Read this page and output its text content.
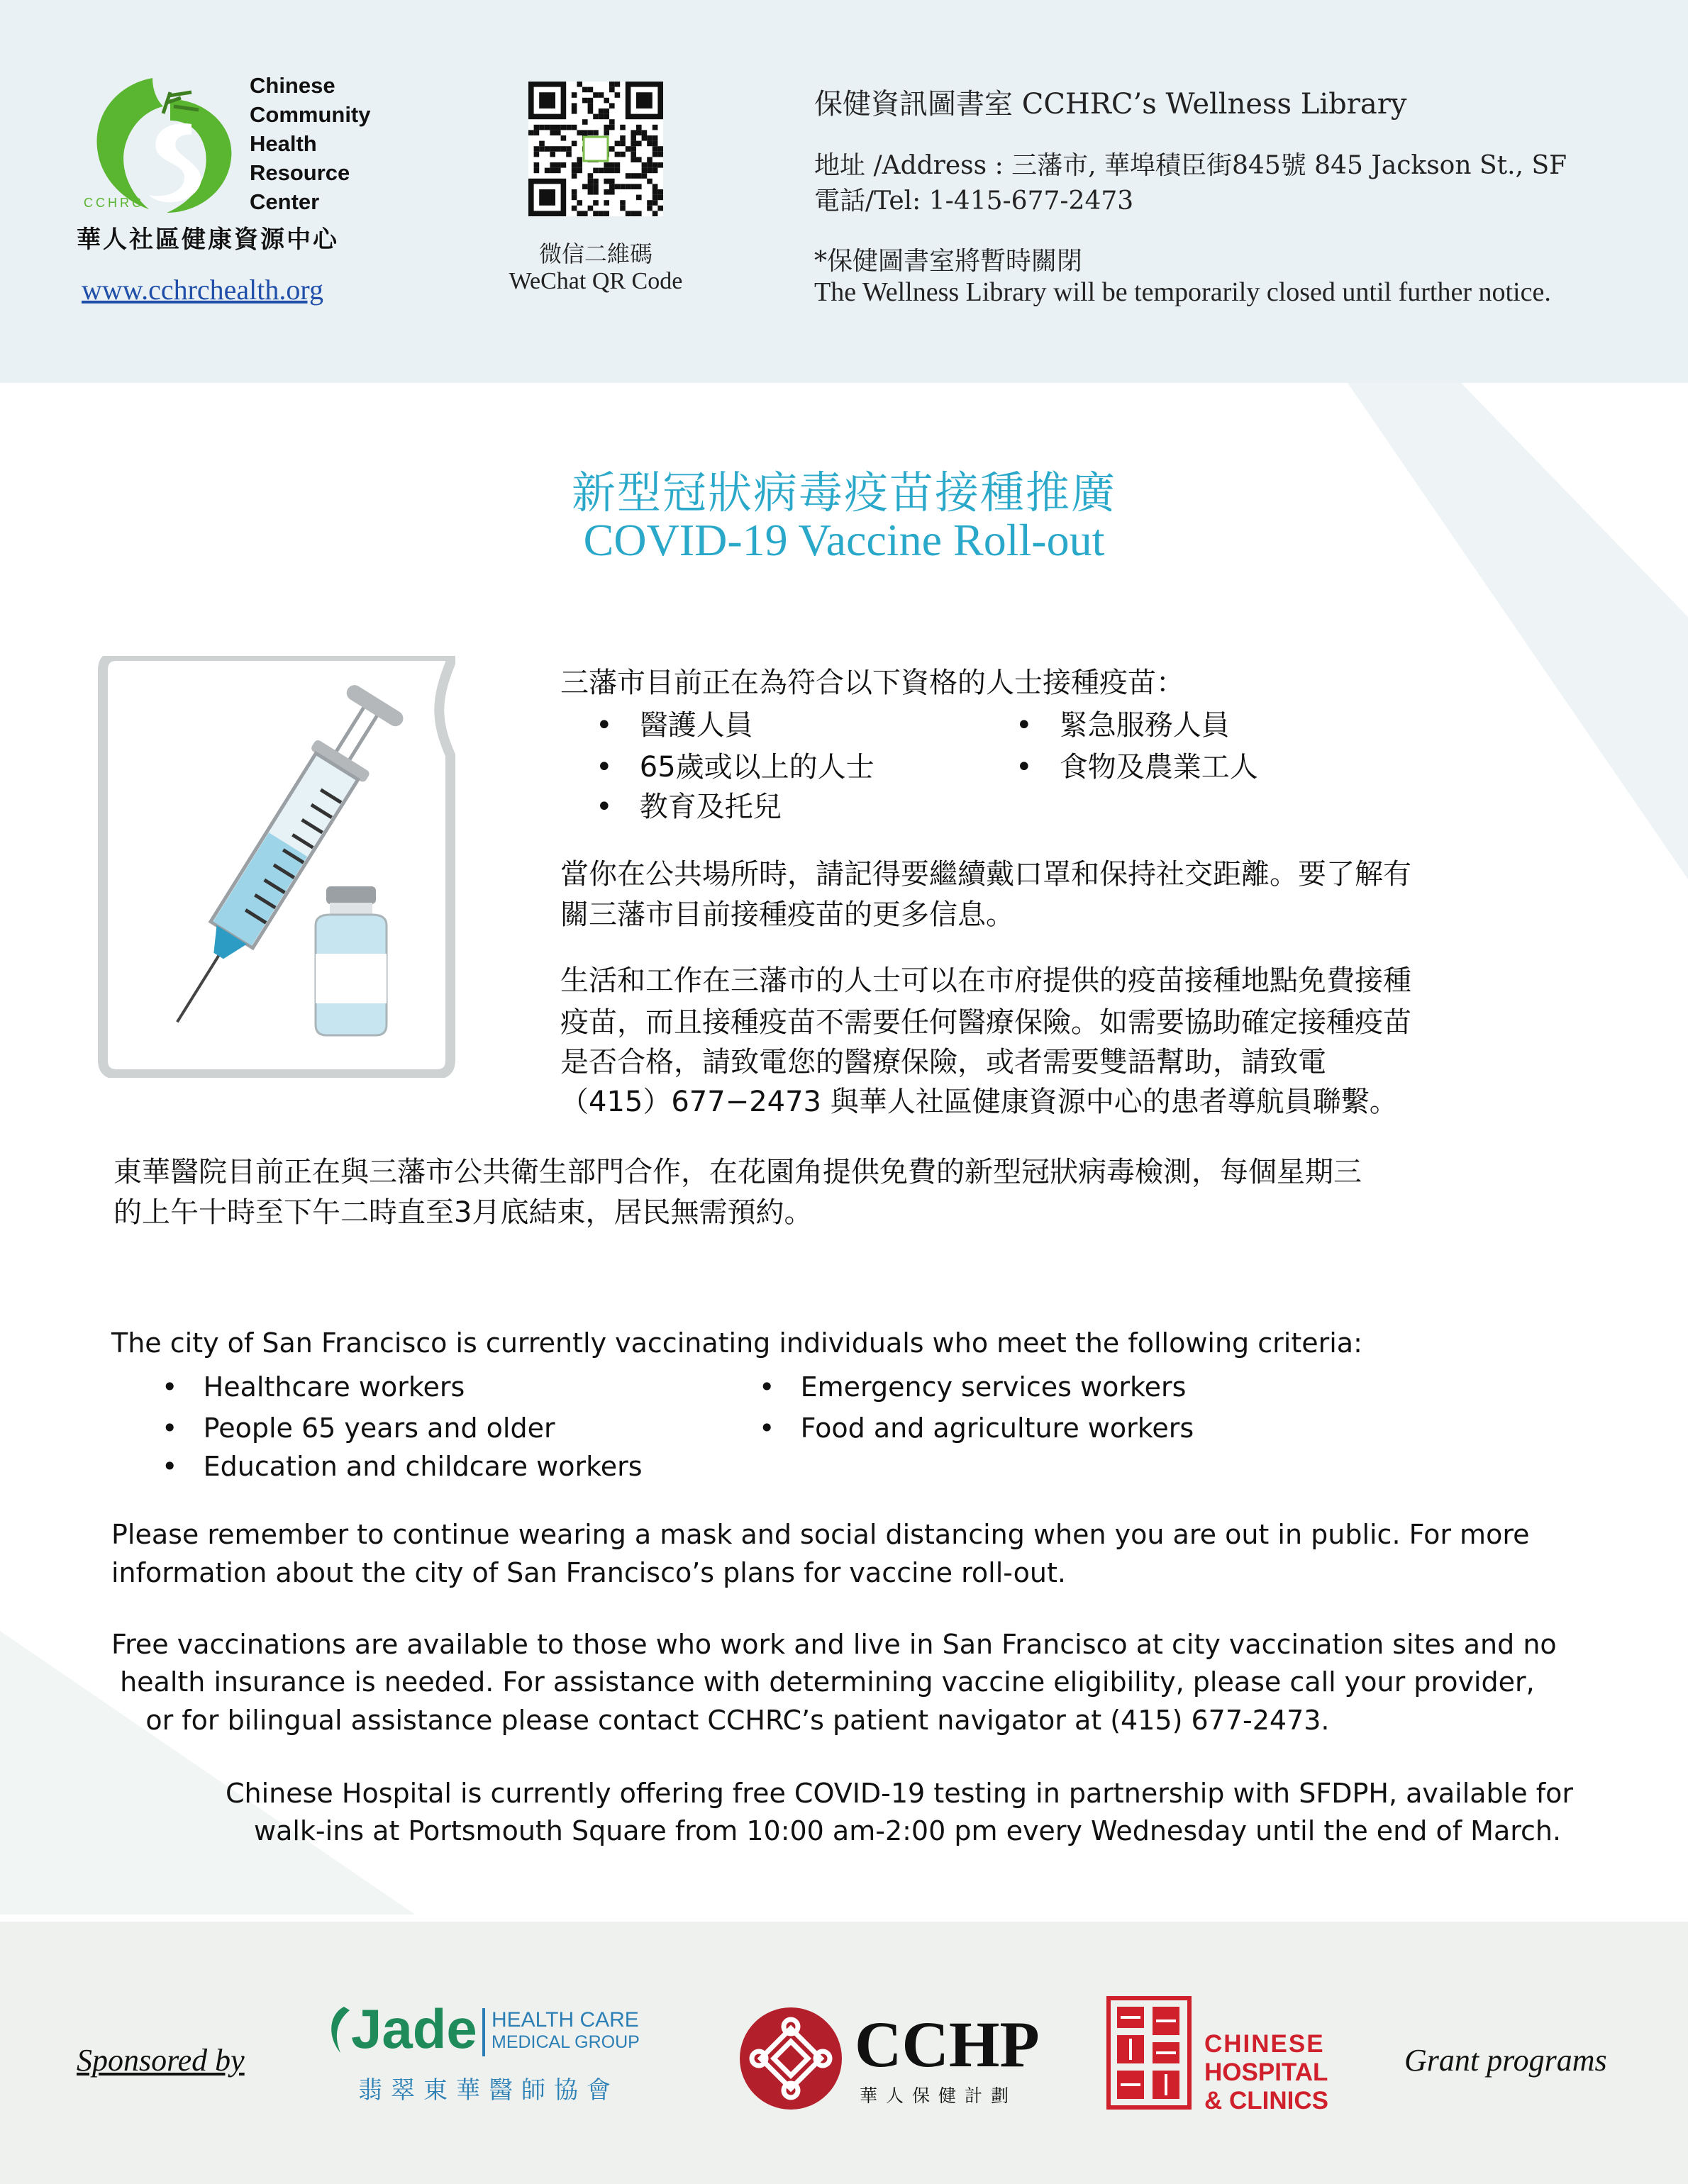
Chinese
Community
Health
Resource
Center
CCHRC
華人社區健康資源中心
www.cchrchealth.org
微信二維碼
WeChat QR Code
保健資訊圖書室 CCHRC’s Wellness Library
地址 /Address : 三藩市, 華埠積臣街845號 845 Jackson St., SF
電話/Tel: 1-415-677-2473
*保健圖書室將暫時關閉
The Wellness Library will be temporarily closed until further notice.
新型冠狀病毒疫苗接種推廣
COVID-19 Vaccine Roll-out
三藩市目前正在為符合以下資格的人士接種疫苗：
•   醫護人員
•   65歲或以上的人士
•   教育及托兒
•   緊急服務人員
•   食物及農業工人
當你在公共場所時，請記得要繼續戴口罩和保持社交距離。要了解有
關三藩市目前接種疫苗的更多信息。
生活和工作在三藩市的人士可以在市府提供的疫苗接種地點免費接種
疫苗，而且接種疫苗不需要任何醫療保險。如需要協助確定接種疫苗
是否合格，請致電您的醫療保險，或者需要雙語幫助，請致電
（415）677−2473 與華人社區健康資源中心的患者導航員聯繫。
東華醫院目前正在與三藩市公共衛生部門合作，在花園角提供免費的新型冠狀病毒檢測，每個星期三
的上午十時至下午二時直至3月底結束，居民無需預約。
The city of San Francisco is currently vaccinating individuals who meet the following criteria:
•   Healthcare workers
•   People 65 years and older
•   Education and childcare workers
•   Emergency services workers
•   Food and agriculture workers
Please remember to continue wearing a mask and social distancing when you are out in public. For more
information about the city of San Francisco’s plans for vaccine roll-out.
Free vaccinations are available to those who work and live in San Francisco at city vaccination sites and no
health insurance is needed. For assistance with determining vaccine eligibility, please call your provider,
or for bilingual assistance please contact CCHRC’s patient navigator at (415) 677-2473.
Chinese Hospital is currently offering free COVID-19 testing in partnership with SFDPH, available for
walk-ins at Portsmouth Square from 10:00 am-2:00 pm every Wednesday until the end of March.
Sponsored by
Jade HEALTH CARE
MEDICAL GROUP
翡翠東華醫師協會
CCHP
華人保健計劃
CHINESE
HOSPITAL
& CLINICS
Grant programs
